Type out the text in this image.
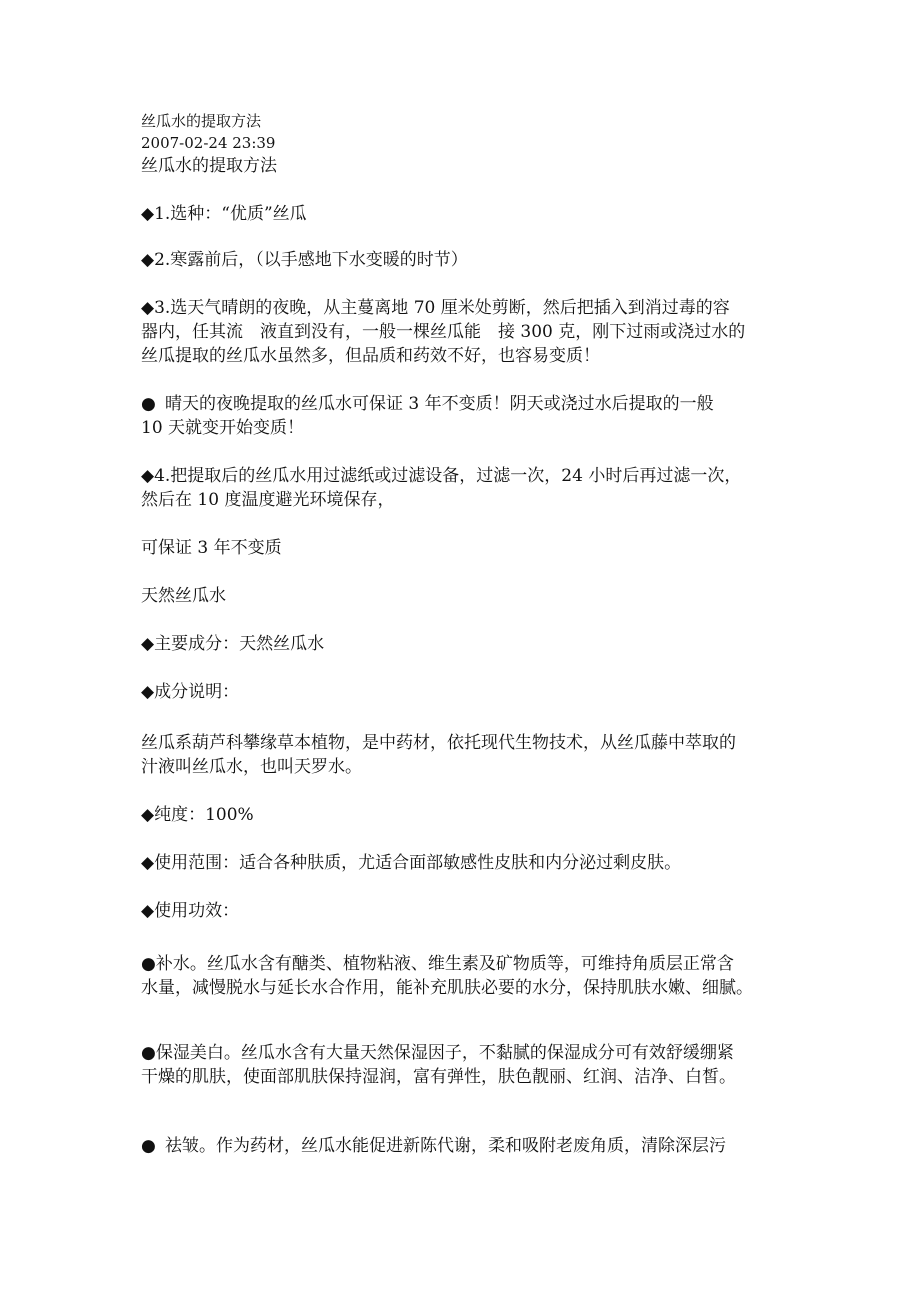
丝瓜水的提取方法

2007-02-24 23:39

丝瓜水的提取方法

◆1.选种：“优质”丝瓜

◆2.寒露前后，（以手感地下水变暖的时节）

◆3.选天气晴朗的夜晚，从主蔓离地 70 厘米处剪断，然后把插入到消过毒的容
器内，任其流　液直到没有，一般一棵丝瓜能　接 300 克，刚下过雨或浇过水的
丝瓜提取的丝瓜水虽然多，但品质和药效不好，也容易变质！

● 晴天的夜晚提取的丝瓜水可保证 3 年不变质！阴天或浇过水后提取的一般
10 天就变开始变质！

◆4.把提取后的丝瓜水用过滤纸或过滤设备，过滤一次，24 小时后再过滤一次，
然后在 10 度温度避光环境保存，

可保证 3 年不变质

天然丝瓜水

◆主要成分：天然丝瓜水

◆成分说明：

丝瓜系葫芦科攀缘草本植物，是中药材，依托现代生物技术，从丝瓜藤中萃取的
汁液叫丝瓜水，也叫天罗水。

◆纯度：100%

◆使用范围：适合各种肤质，尤适合面部敏感性皮肤和内分泌过剩皮肤。

◆使用功效：

●补水。丝瓜水含有醣类、植物粘液、维生素及矿物质等，可维持角质层正常含
水量，减慢脱水与延长水合作用，能补充肌肤必要的水分，保持肌肤水嫩、细腻。

●保湿美白。丝瓜水含有大量天然保湿因子，不黏腻的保湿成分可有效舒缓绷紧
干燥的肌肤，使面部肌肤保持湿润，富有弹性，肤色靓丽、红润、洁净、白皙。

● 祛皱。作为药材，丝瓜水能促进新陈代谢，柔和吸附老废角质，清除深层污
